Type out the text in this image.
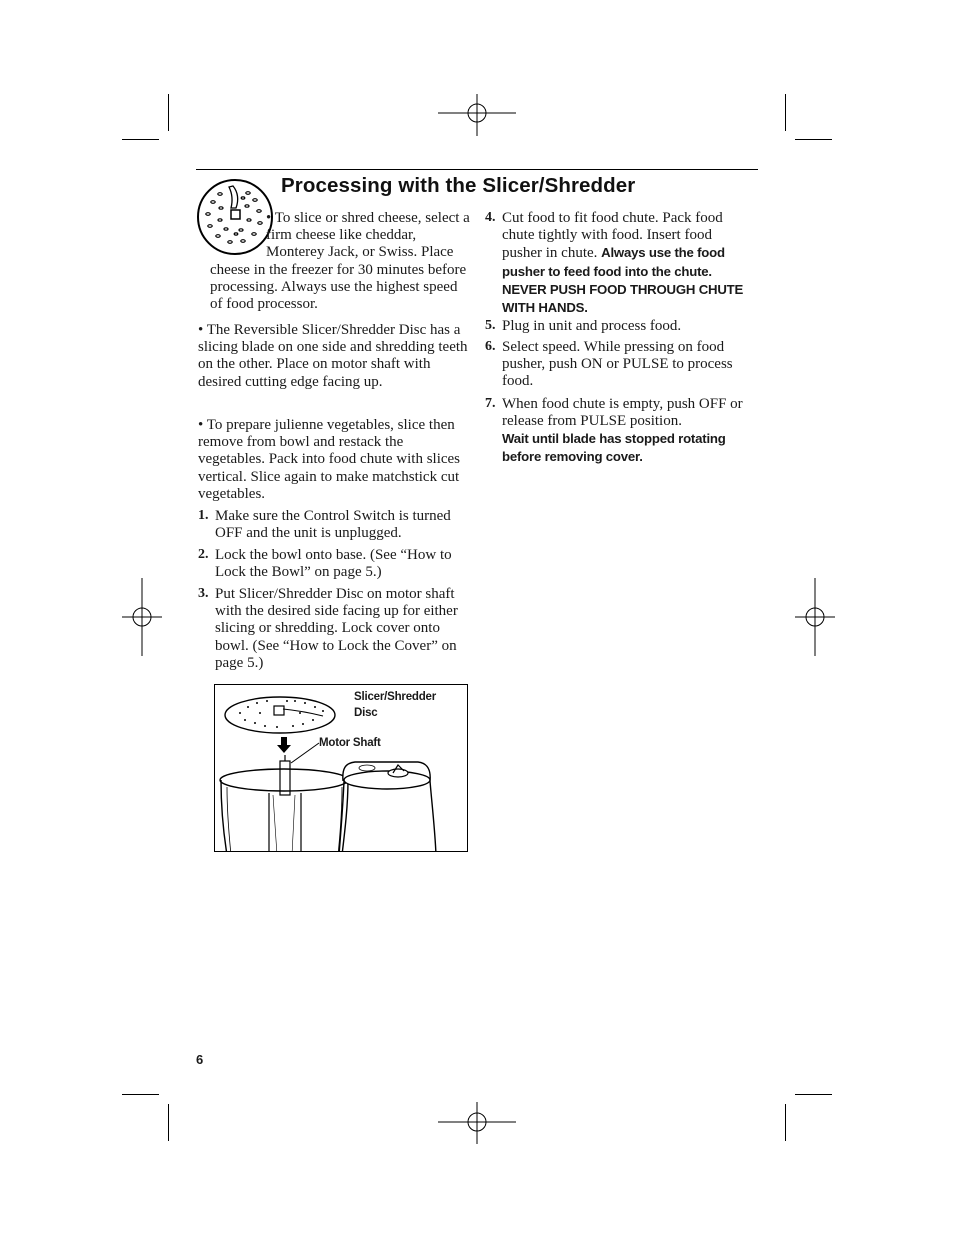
Processing with the Slicer/Shredder
• To slice or shred cheese, select a firm cheese like cheddar, Monterey Jack, or Swiss. Place cheese in the freezer for 30 minutes before processing. Always use the highest speed of food processor.
• The Reversible Slicer/Shredder Disc has a slicing blade on one side and shredding teeth on the other. Place on motor shaft with desired cutting edge facing up.
• To prepare julienne vegetables, slice then remove from bowl and restack the vegetables. Pack into food chute with slices vertical. Slice again to make matchstick cut vegetables.
1. Make sure the Control Switch is turned OFF and the unit is unplugged.
2. Lock the bowl onto base. (See “How to Lock the Bowl” on page 5.)
3. Put Slicer/Shredder Disc on motor shaft with the desired side facing up for either slicing or shredding. Lock cover onto bowl. (See “How to Lock the Cover” on page 5.)
Slicer/Shredder Disc
Motor Shaft
4. Cut food to fit food chute. Pack food chute tightly with food. Insert food pusher in chute. Always use the food pusher to feed food into the chute. NEVER PUSH FOOD THROUGH CHUTE WITH HANDS.
5. Plug in unit and process food.
6. Select speed. While pressing on food pusher, push ON or PULSE to process food.
7. When food chute is empty, push OFF or release from PULSE position. Wait until blade has stopped rotating before removing cover.
6
